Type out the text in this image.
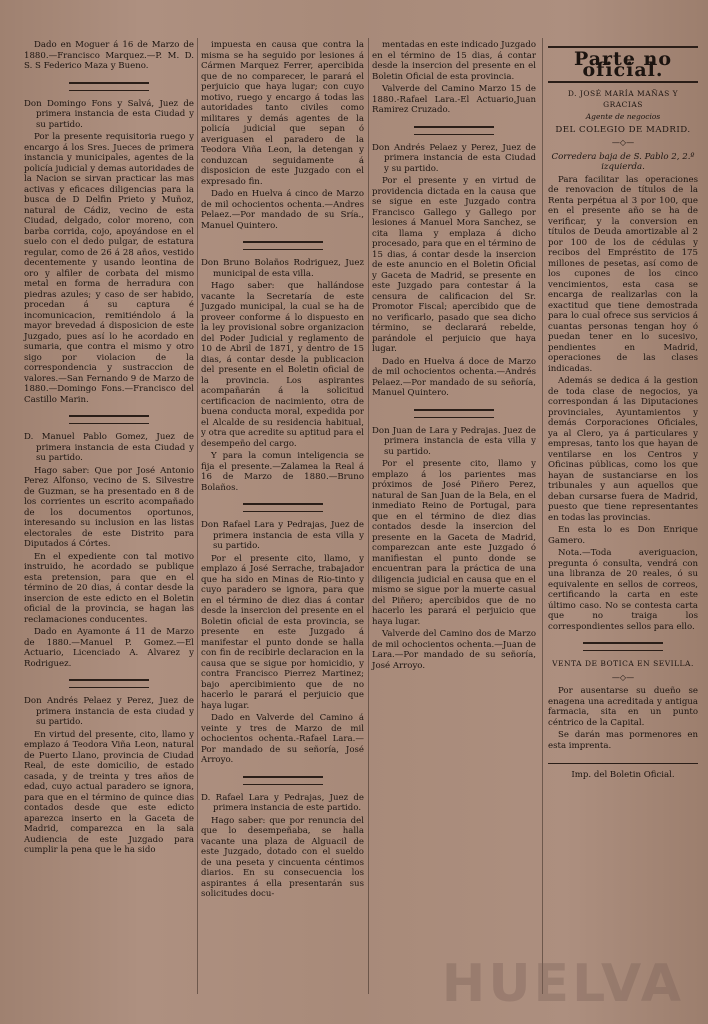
Dado en Moguer á 16 de Marzo de 1880.—Francisco Marquez.—P. M. D. S. S Federico Maza y Bueno.

Don Domingo Fons y Salvá, Juez de primera instancia de esta Ciudad y su partido.

Por la presente requisitoria ruego y encargo á los Sres. Jueces de primera instancia y municipales, agentes de la policía judicial y demas autoridades de la Nacion se sirvan practicar las mas activas y eficaces diligencias para la busca de D Delfin Prieto y Muñoz, natural de Cádiz, vecino de esta Ciudad, delgado, color moreno, con barba corrida, cojo, apoyándose en el suelo con el dedo pulgar, de estatura regular, como de 26 á 28 años, vestido decentemente y usando leontina de oro y alfiler de corbata del mismo metal en forma de herradura con piedras azules; y caso de ser habido, procedan á su captura é incomunicacion, remitiéndolo á la mayor brevedad á disposicion de este Juzgado, pues así lo he acordado en sumaria, que contra el mismo y otro sigo por violacion de la correspondencia y sustraccion de valores.—San Fernando 9 de Marzo de 1880.—Domingo Fons.—Francisco del Castillo Marin.

D. Manuel Pablo Gomez, Juez de primera instancia de esta Ciudad y su partido.

Hago saber: Que por José Antonio Perez Alfonso, vecino de S. Silvestre de Guzman, se ha presentado en 8 de los corrientes un escrito acompañado de los documentos oportunos, interesando su inclusion en las listas electorales de este Distrito para Diputados á Córtes.

En el expediente con tal motivo instruido, he acordado se publique esta pretension, para que en el término de 20 dias, á contar desde la insercion de este edicto en el Boletin oficial de la provincia, se hagan las reclamaciones conducentes.

Dado en Ayamonte á 11 de Marzo de 1880.—Manuel P. Gomez.—El Actuario, Licenciado A. Alvarez y Rodriguez.

Don Andrés Pelaez y Perez, Juez de primera instancia de esta ciudad y su partido.

En virtud del presente, cito, llamo y emplazo á Teodora Viña Leon, natural de Puerto Llano, provincia de Ciudad Real, de este domicilio, de estado casada, y de treinta y tres años de edad, cuyo actual paradero se ignora, para que en el término de quince dias contados desde que este edicto aparezca inserto en la Gaceta de Madrid, comparezca en la sala Audiencia de este Juzgado para cumplir la pena que le ha sido

impuesta en causa que contra la misma se ha seguido por lesiones á Cármen Marquez Ferrer, apercibida que de no comparecer, le parará el perjuicio que haya lugar; con cuyo motivo, ruego y encargo á todas las autoridades tanto civiles como militares y demás agentes de la policía judicial que sepan ó averiguasen el paradero de la Teodora Viña Leon, la detengan y conduzcan seguidamente á disposicion de este Juzgado con el expresado fin.

Dado en Huelva á cinco de Marzo de mil ochocientos ochenta.—Andres Pelaez.—Por mandado de su Sría., Manuel Quintero.

Don Bruno Bolaños Rodriguez, Juez municipal de esta villa.

Hago saber: que hallándose vacante la Secretaría de este Juzgado municipal, la cual se ha de proveer conforme á lo dispuesto en la ley provisional sobre organizacion del Poder Judicial y reglamento de 10 de Abril de 1871, y dentro de 15 dias, á contar desde la publicacion del presente en el Boletin oficial de la provincia. Los aspirantes acompañarán á la solicitud certificacion de nacimiento, otra de buena conducta moral, expedida por el Alcalde de su residencia habitual, y otra que acredite su aptitud para el desempeño del cargo.

Y para la comun inteligencia se fija el presente.—Zalamea la Real á 16 de Marzo de 1880.—Bruno Bolaños.

Don Rafael Lara y Pedrajas, Juez de primera instancia de esta villa y su partido.

Por el presente cito, llamo, y emplazo á José Serrache, trabajador que ha sido en Minas de Rio-tinto y cuyo paradero se ignora, para que en el término de diez dias á contar desde la insercion del presente en el Boletin oficial de esta provincia, se presente en este Juzgado á manifestar el punto donde se halla con fin de recibirle declaracion en la causa que se sigue por homicidio, y contra Francisco Pierrez Martinez; bajo apercibimiento que de no hacerlo le parará el perjuicio que haya lugar.

Dado en Valverde del Camino á veinte y tres de Marzo de mil ochocientos ochenta.-Rafael Lara.—Por mandado de su señoría, José Arroyo.

D. Rafael Lara y Pedrajas, Juez de primera instancia de este partido.

Hago saber: que por renuncia del que lo desempeñaba, se halla vacante una plaza de Alguacil de este Juzgado, dotado con el sueldo de una peseta y cincuenta céntimos diarios. En su consecuencia los aspirantes á ella presentarán sus solicitudes docu-

mentadas en este indicado Juzgado en el término de 15 dias, á contar desde la insercion del presente en el Boletin Oficial de esta provincia.

Valverde del Camino Marzo 15 de 1880.-Rafael Lara.-El Actuario,Juan Ramirez Cruzado.

Don Andrés Pelaez y Perez, Juez de primera instancia de esta Ciudad y su partido.

Por el presente y en virtud de providencia dictada en la causa que se sigue en este Juzgado contra Francisco Gallego y Gallego por lesiones á Manuel Mora Sanchez, se cita llama y emplaza á dicho procesado, para que en el término de 15 dias, á contar desde la insercion de este anuncio en el Boletin Oficial y Gaceta de Madrid, se presente en este Juzgado para contestar á la censura de calificacion del Sr. Promotor Fiscal; apercibido que de no verificarlo, pasado que sea dicho término, se declarará rebelde, parándole el perjuicio que haya lugar.

Dado en Huelva á doce de Marzo de mil ochocientos ochenta.—Andrés Pelaez.—Por mandado de su señoría, Manuel Quintero.

Don Juan de Lara y Pedrajas. Juez de primera instancia de esta villa y su partido.

Por el presente cito, llamo y emplazo á los parientes mas próximos de José Piñero Perez, natural de San Juan de la Bela, en el inmediato Reino de Portugal, para que en el término de diez dias contados desde la insercion del presente en la Gaceta de Madrid, comparezcan ante este Juzgado ó manifiestan el punto donde se encuentran para la práctica de una diligencia judicial en causa que en el mismo se sigue por la muerte casual del Piñero; apercibidos que de no hacerlo les parará el perjuicio que haya lugar.

Valverde del Camino dos de Marzo de mil ochocientos ochenta.—Juan de Lara.—Por mandado de su señoría, José Arroyo.

Parte no oficial.

D. JOSÉ MARÍA MAÑAS Y GRACIAS

Agente de negocios

DEL COLEGIO DE MADRID.

—◇—

Corredera baja de S. Pablo 2, 2.º izquierda.

Para facilitar las operaciones de renovacion de títulos de la Renta perpétua al 3 por 100, que en el presente año se ha de verificar, y la conversion en títulos de Deuda amortizable al 2 por 100 de los de cédulas y recibos del Empréstito de 175 millones de pesetas, así como de los cupones de los cinco vencimientos, esta casa se encarga de realizarlas con la exactitud que tiene demostrada para lo cual ofrece sus servicios á cuantas personas tengan hoy ó puedan tener en lo sucesivo, pendientes en Madrid, operaciones de las clases indicadas.

Además se dedica á la gestion de toda clase de negocios, ya correspondan á las Diputaciones provinciales, Ayuntamientos y demás Corporaciones Oficiales, ya al Clero, ya á particulares y empresas, tanto los que hayan de ventilarse en los Centros y Oficinas públicas, como los que hayan de sustanciarse en los tribunales y aun aquellos que deban cursarse fuera de Madrid, puesto que tiene representantes en todas las provincias.

En esta lo es Don Enrique Gamero.

Nota.—Toda averiguacion, pregunta ó consulta, vendrá con una libranza de 20 reales, ó su equivalente en sellos de correos, certificando la carta en este último caso. No se contesta carta que no traiga los correspondientes sellos para ello.

VENTA DE BOTICA EN SEVILLA.

—◇—

Por ausentarse su dueño se enagena una acreditada y antigua farmacia, sita en un punto céntrico de la Capital.

Se darán mas pormenores en esta imprenta.

Imp. del Boletin Oficial.

HUELVA
